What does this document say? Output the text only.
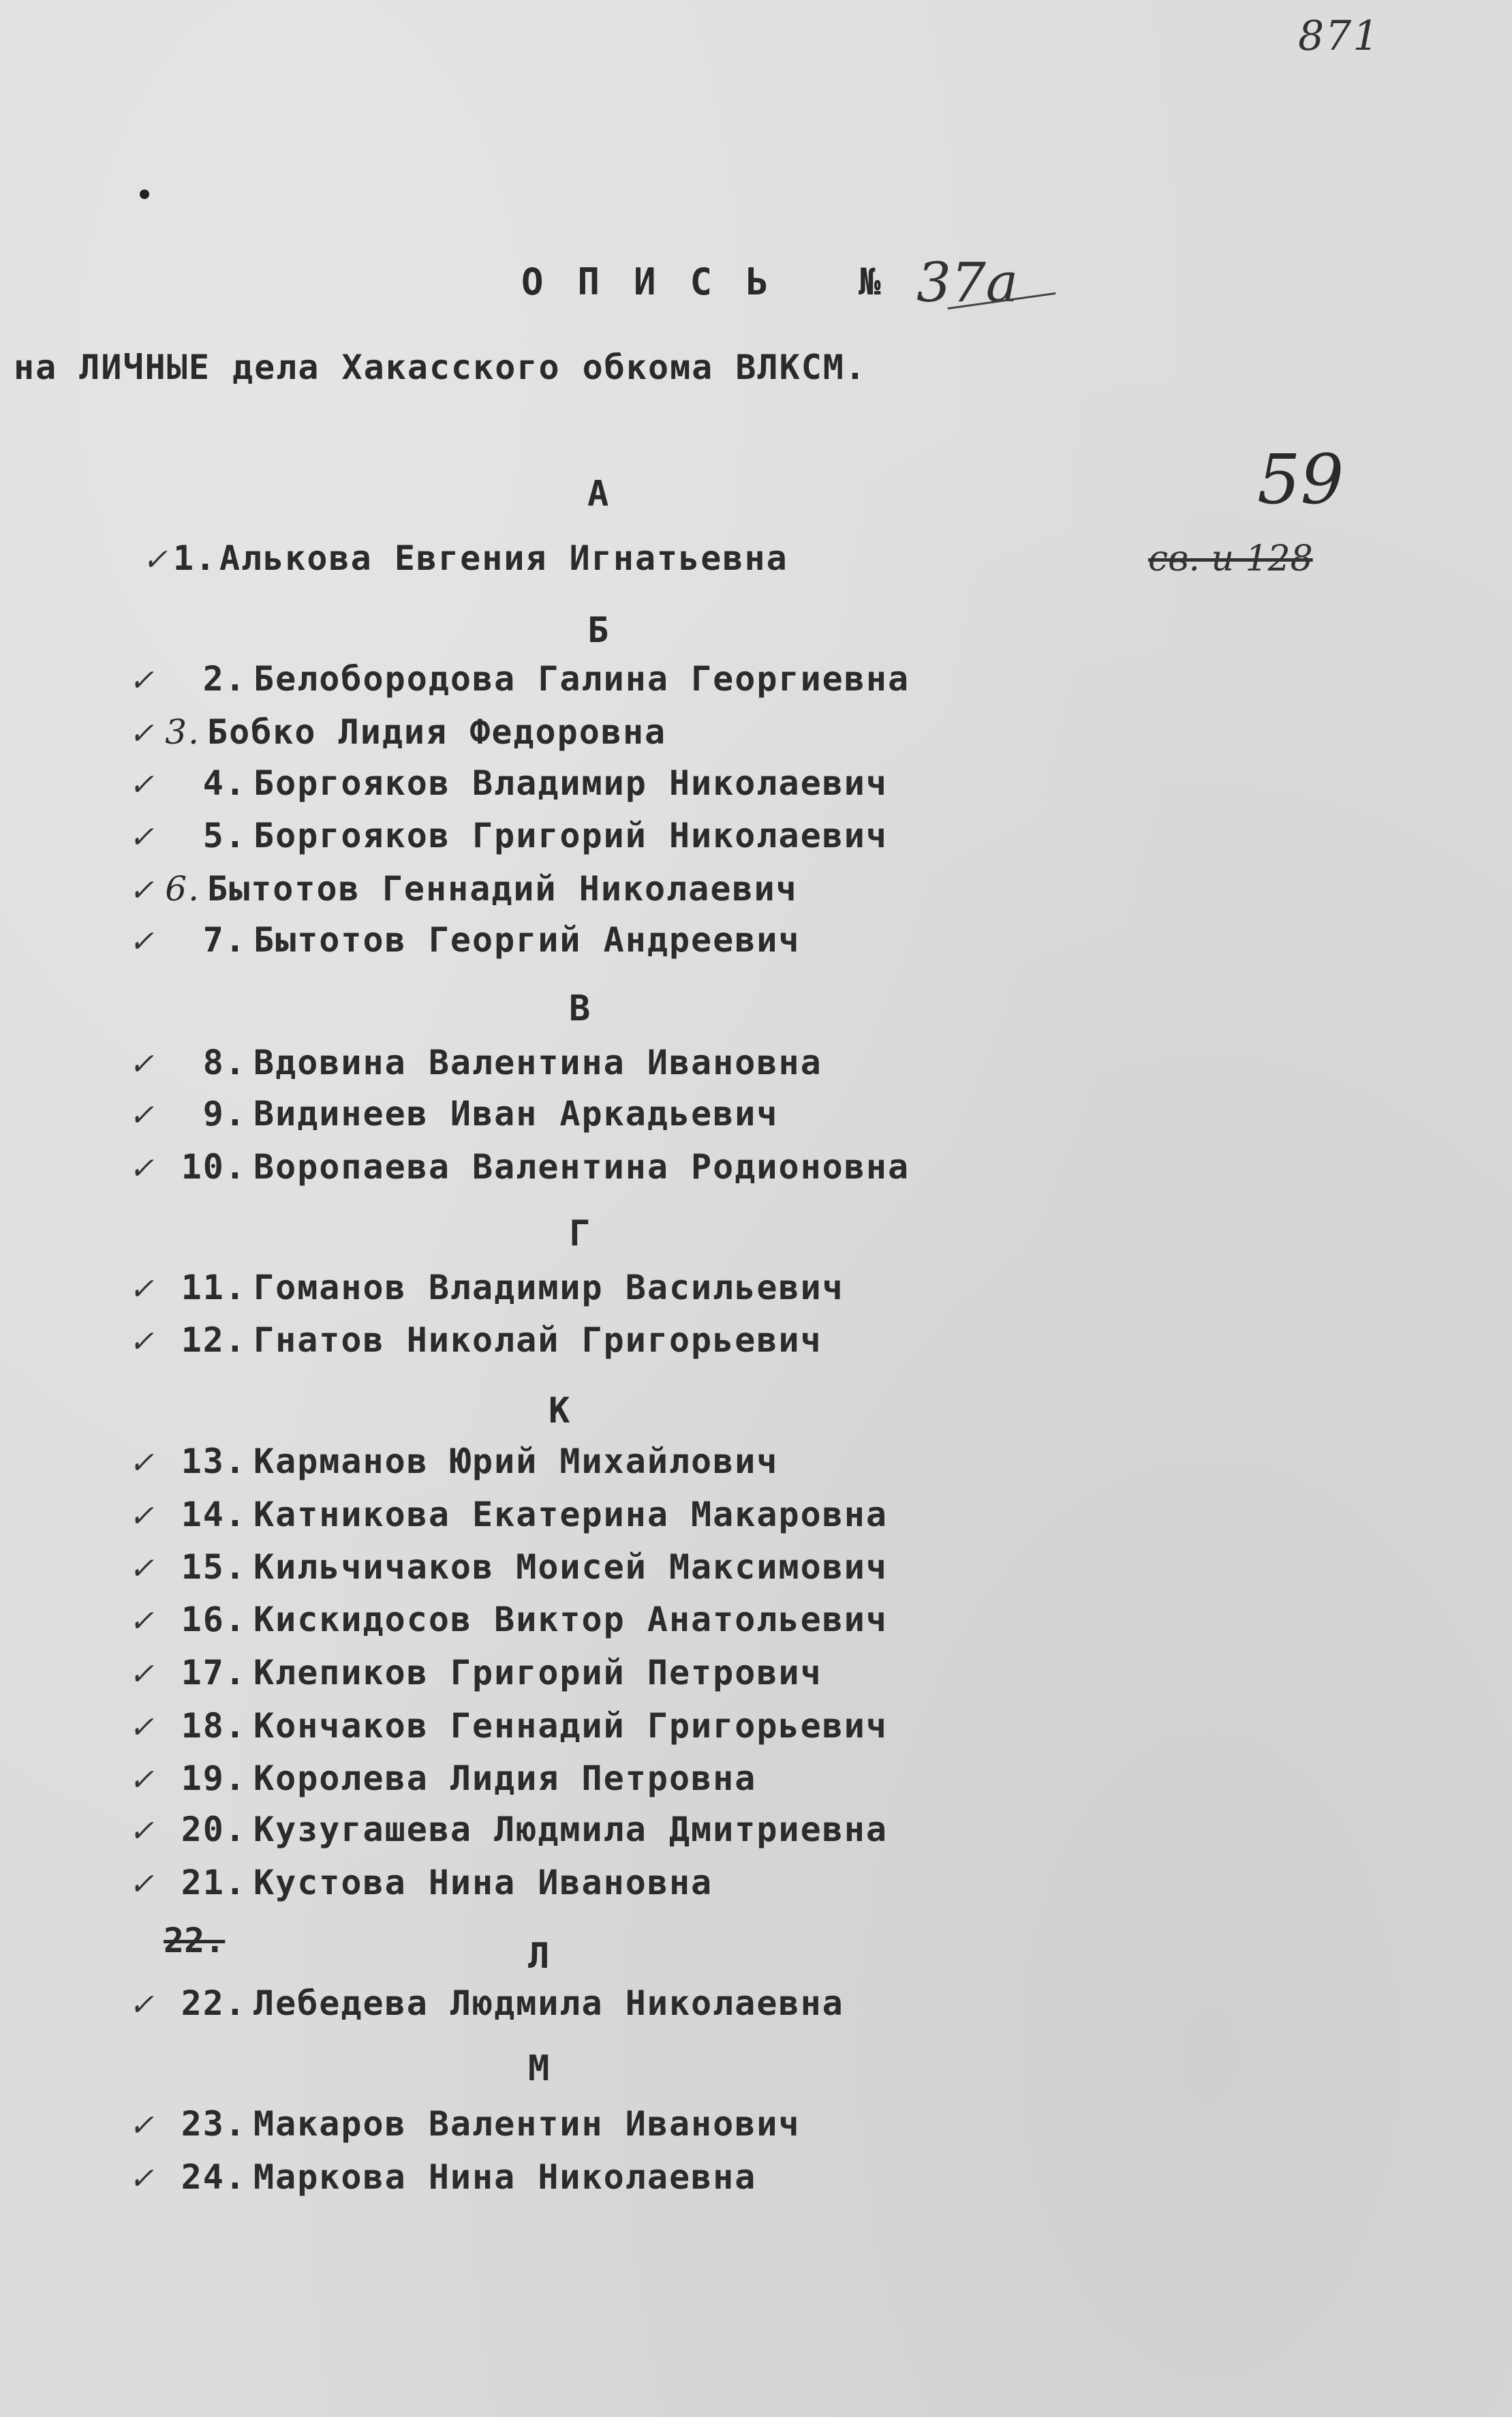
871
ОПИСЬ № 37а
на ЛИЧНЫЕ дела Хакасского обкома ВЛКСМ.
59
св. и 128
А
Б
В
Г
К
Л
М
✓ 1.Алькова Евгения Игнатьевна
✓ 2. Белобородова Галина Георгиевна
✓ 3. Бобко Лидия Федоровна
✓ 4. Боргояков Владимир Николаевич
✓ 5. Боргояков Григорий Николаевич
✓ 6. Бытотов Геннадий Николаевич
✓ 7. Бытотов Георгий Андреевич
✓ 8. Вдовина Валентина Ивановна
✓ 9. Видинеев Иван Аркадьевич
✓ 10. Воропаева Валентина Родионовна
✓ 11. Гоманов Владимир Васильевич
✓ 12. Гнатов Николай Григорьевич
✓ 13. Карманов Юрий Михайлович
✓ 14. Катникова Екатерина Макаровна
✓ 15. Кильчичаков Моисей Максимович
✓ 16. Кискидосов Виктор Анатольевич
✓ 17. Клепиков Григорий Петрович
✓ 18. Кончаков Геннадий Григорьевич
✓ 19. Королева Лидия Петровна
✓ 20. Кузугашева Людмила Дмитриевна
✓ 21. Кустова Нина Ивановна
22.
✓ 22. Лебедева Людмила Николаевна
✓ 23. Макаров Валентин Иванович
✓ 24. Маркова Нина Николаевна
